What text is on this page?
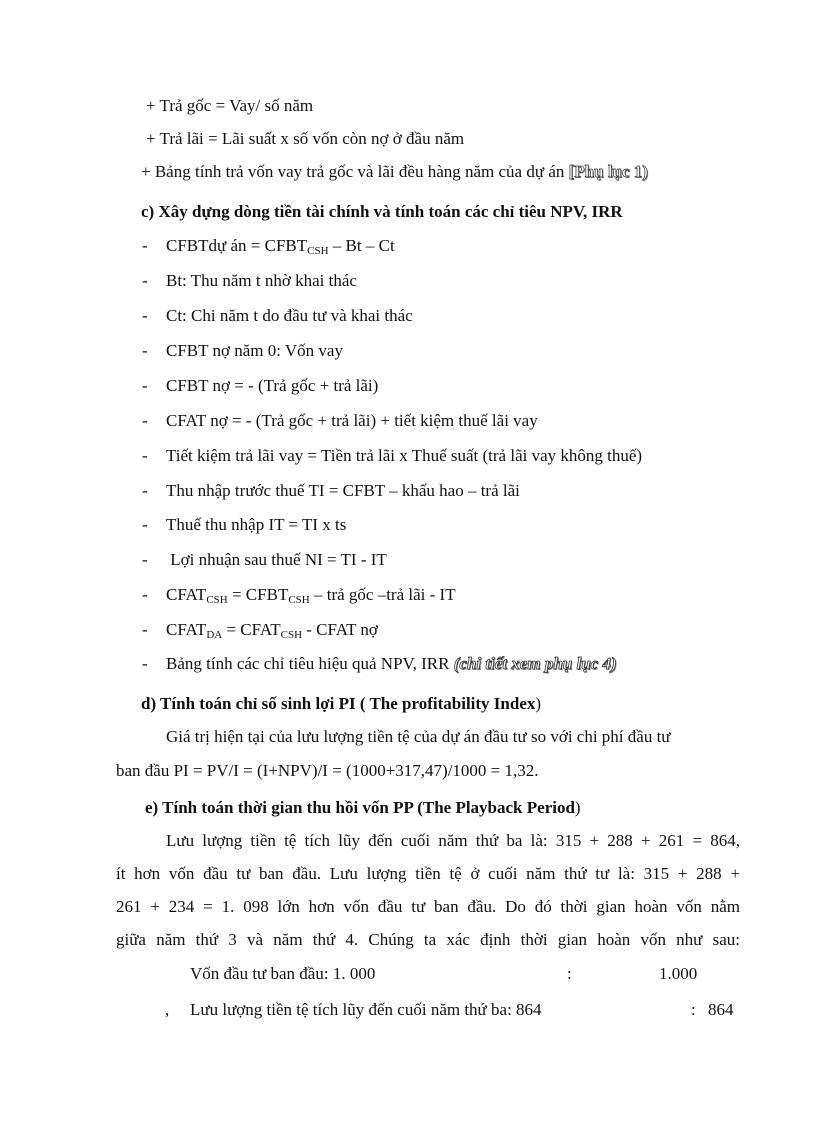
+ Trả gốc = Vay/ số năm
+ Trả lãi = Lãi suất x số vốn còn nợ ở đầu năm
+ Bảng tính trả vốn vay trả gốc và lãi đều hàng năm của dự án [Phụ lục 1)
c) Xây dựng dòng tiền tài chính và tính toán các chỉ tiêu NPV, IRR
- CFBTdự án = $CFBT_{CSH}$ – Bt – Ct
- Bt: Thu năm t nhờ khai thác
- Ct: Chi năm t do đầu tư và khai thác
- CFBT nợ năm 0: Vốn vay
- CFBT nợ = - (Trả gốc + trả lãi)
- CFAT nợ = - (Trả gốc + trả lãi) + tiết kiệm thuế lãi vay
- Tiết kiệm trả lãi vay = Tiền trả lãi x Thuế suất (trả lãi vay không thuế)
- Thu nhập trước thuế TI = CFBT – khấu hao – trả lãi
- Thuế thu nhập IT = TI x ts
- Lợi nhuận sau thuế NI = TI - IT
- $CFAT_{CSH}$ = $CFBT_{CSH}$ – trả gốc –trả lãi - IT
- $CFAT_{DA}$ = $CFAT_{CSH}$ - CFAT nợ
- Bảng tính các chỉ tiêu hiệu quả NPV, IRR (chi tiết xem phụ lục 4)
d) Tính toán chỉ số sinh lợi PI ( The profitability Index)
Giá trị hiện tại của lưu lượng tiền tệ của dự án đầu tư so với chi phí đầu tư
ban đầu PI = PV/I = (I+NPV)/I = (1000+317,47)/1000 = 1,32.
e) Tính toán thời gian thu hồi vốn PP (The Playback Period)
Lưu lượng tiền tệ tích lũy đến cuối năm thứ ba là: 315 + 288 + 261 = 864,
ít hơn vốn đầu tư ban đầu. Lưu lượng tiền tệ ở cuối năm thứ tư là: 315 + 288 +
261 + 234 = 1. 098 lớn hơn vốn đầu tư ban đầu. Do đó thời gian hoàn vốn nằm
giữa năm thứ 3 và năm thứ 4. Chúng ta xác định thời gian hoàn vốn như sau:
Vốn đầu tư ban đầu: 1. 000	:	1.000
, Lưu lượng tiền tệ tích lũy đến cuối năm thứ ba: 864	: 864
